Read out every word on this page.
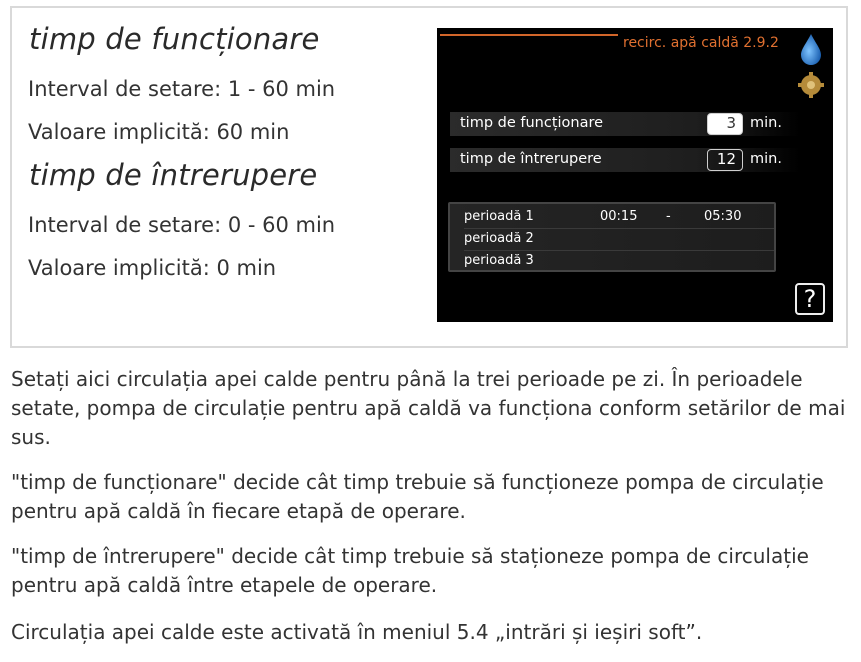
timp de funcționare
Interval de setare: 1 - 60 min
Valoare implicită: 60 min
timp de întrerupere
Interval de setare: 0 - 60 min
Valoare implicită: 0 min
recirc. apă caldă 2.9.2
timp de funcționare	3 min.
timp de întrerupere	12 min.
perioadă 1	00:15 -	05:30
perioadă 2
perioadă 3
?
Setați aici circulația apei calde pentru până la trei perioade pe zi. În perioadele setate, pompa de circulație pentru apă caldă va funcționa conform setărilor de mai sus.
"timp de funcționare" decide cât timp trebuie să funcționeze pompa de circulație pentru apă caldă în fiecare etapă de operare.
"timp de întrerupere" decide cât timp trebuie să staționeze pompa de circulație pentru apă caldă între etapele de operare.
Circulația apei calde este activată în meniul 5.4 „intrări și ieșiri soft”.
